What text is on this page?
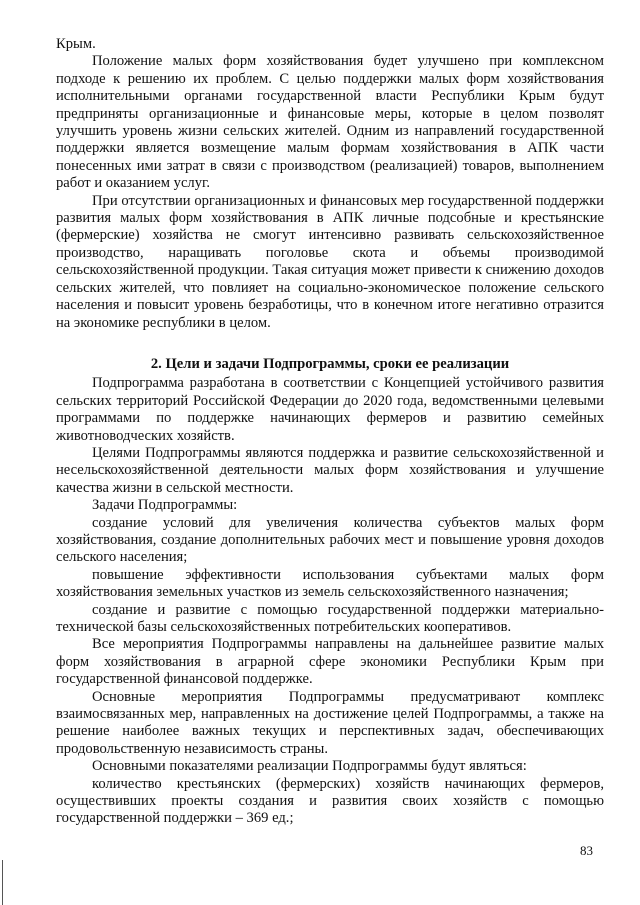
Крым.

Положение малых форм хозяйствования будет улучшено при комплексном подходе к решению их проблем. С целью поддержки малых форм хозяйствования исполнительными органами государственной власти Республики Крым будут предприняты организационные и финансовые меры, которые в целом позволят улучшить уровень жизни сельских жителей. Одним из направлений государственной поддержки является возмещение малым формам хозяйствования в АПК части понесенных ими затрат в связи с производством (реализацией) товаров, выполнением работ и оказанием услуг.

При отсутствии организационных и финансовых мер государственной поддержки развития малых форм хозяйствования в АПК личные подсобные и крестьянские (фермерские) хозяйства не смогут интенсивно развивать сельскохозяйственное производство, наращивать поголовье скота и объемы производимой сельскохозяйственной продукции. Такая ситуация может привести к снижению доходов сельских жителей, что повлияет на социально-экономическое положение сельского населения и повысит уровень безработицы, что в конечном итоге негативно отразится на экономике республики в целом.

2. Цели и задачи Подпрограммы, сроки ее реализации

Подпрограмма разработана в соответствии с Концепцией устойчивого развития сельских территорий Российской Федерации до 2020 года, ведомственными целевыми программами по поддержке начинающих фермеров и развитию семейных животноводческих хозяйств.

Целями Подпрограммы являются поддержка и развитие сельскохозяйственной и несельскохозяйственной деятельности малых форм хозяйствования и улучшение качества жизни в сельской местности.

Задачи Подпрограммы:

создание условий для увеличения количества субъектов малых форм хозяйствования, создание дополнительных рабочих мест и повышение уровня доходов сельского населения;

повышение эффективности использования субъектами малых форм хозяйствования земельных участков из земель сельскохозяйственного назначения;

создание и развитие с помощью государственной поддержки материально-технической базы сельскохозяйственных потребительских кооперативов.

Все мероприятия Подпрограммы направлены на дальнейшее развитие малых форм хозяйствования в аграрной сфере экономики Республики Крым при государственной финансовой поддержке.

Основные мероприятия Подпрограммы предусматривают комплекс взаимосвязанных мер, направленных на достижение целей Подпрограммы, а также на решение наиболее важных текущих и перспективных задач, обеспечивающих продовольственную независимость страны.

Основными показателями реализации Подпрограммы будут являться:

количество крестьянских (фермерских) хозяйств начинающих фермеров, осуществивших проекты создания и развития своих хозяйств с помощью государственной поддержки – 369 ед.;

83
